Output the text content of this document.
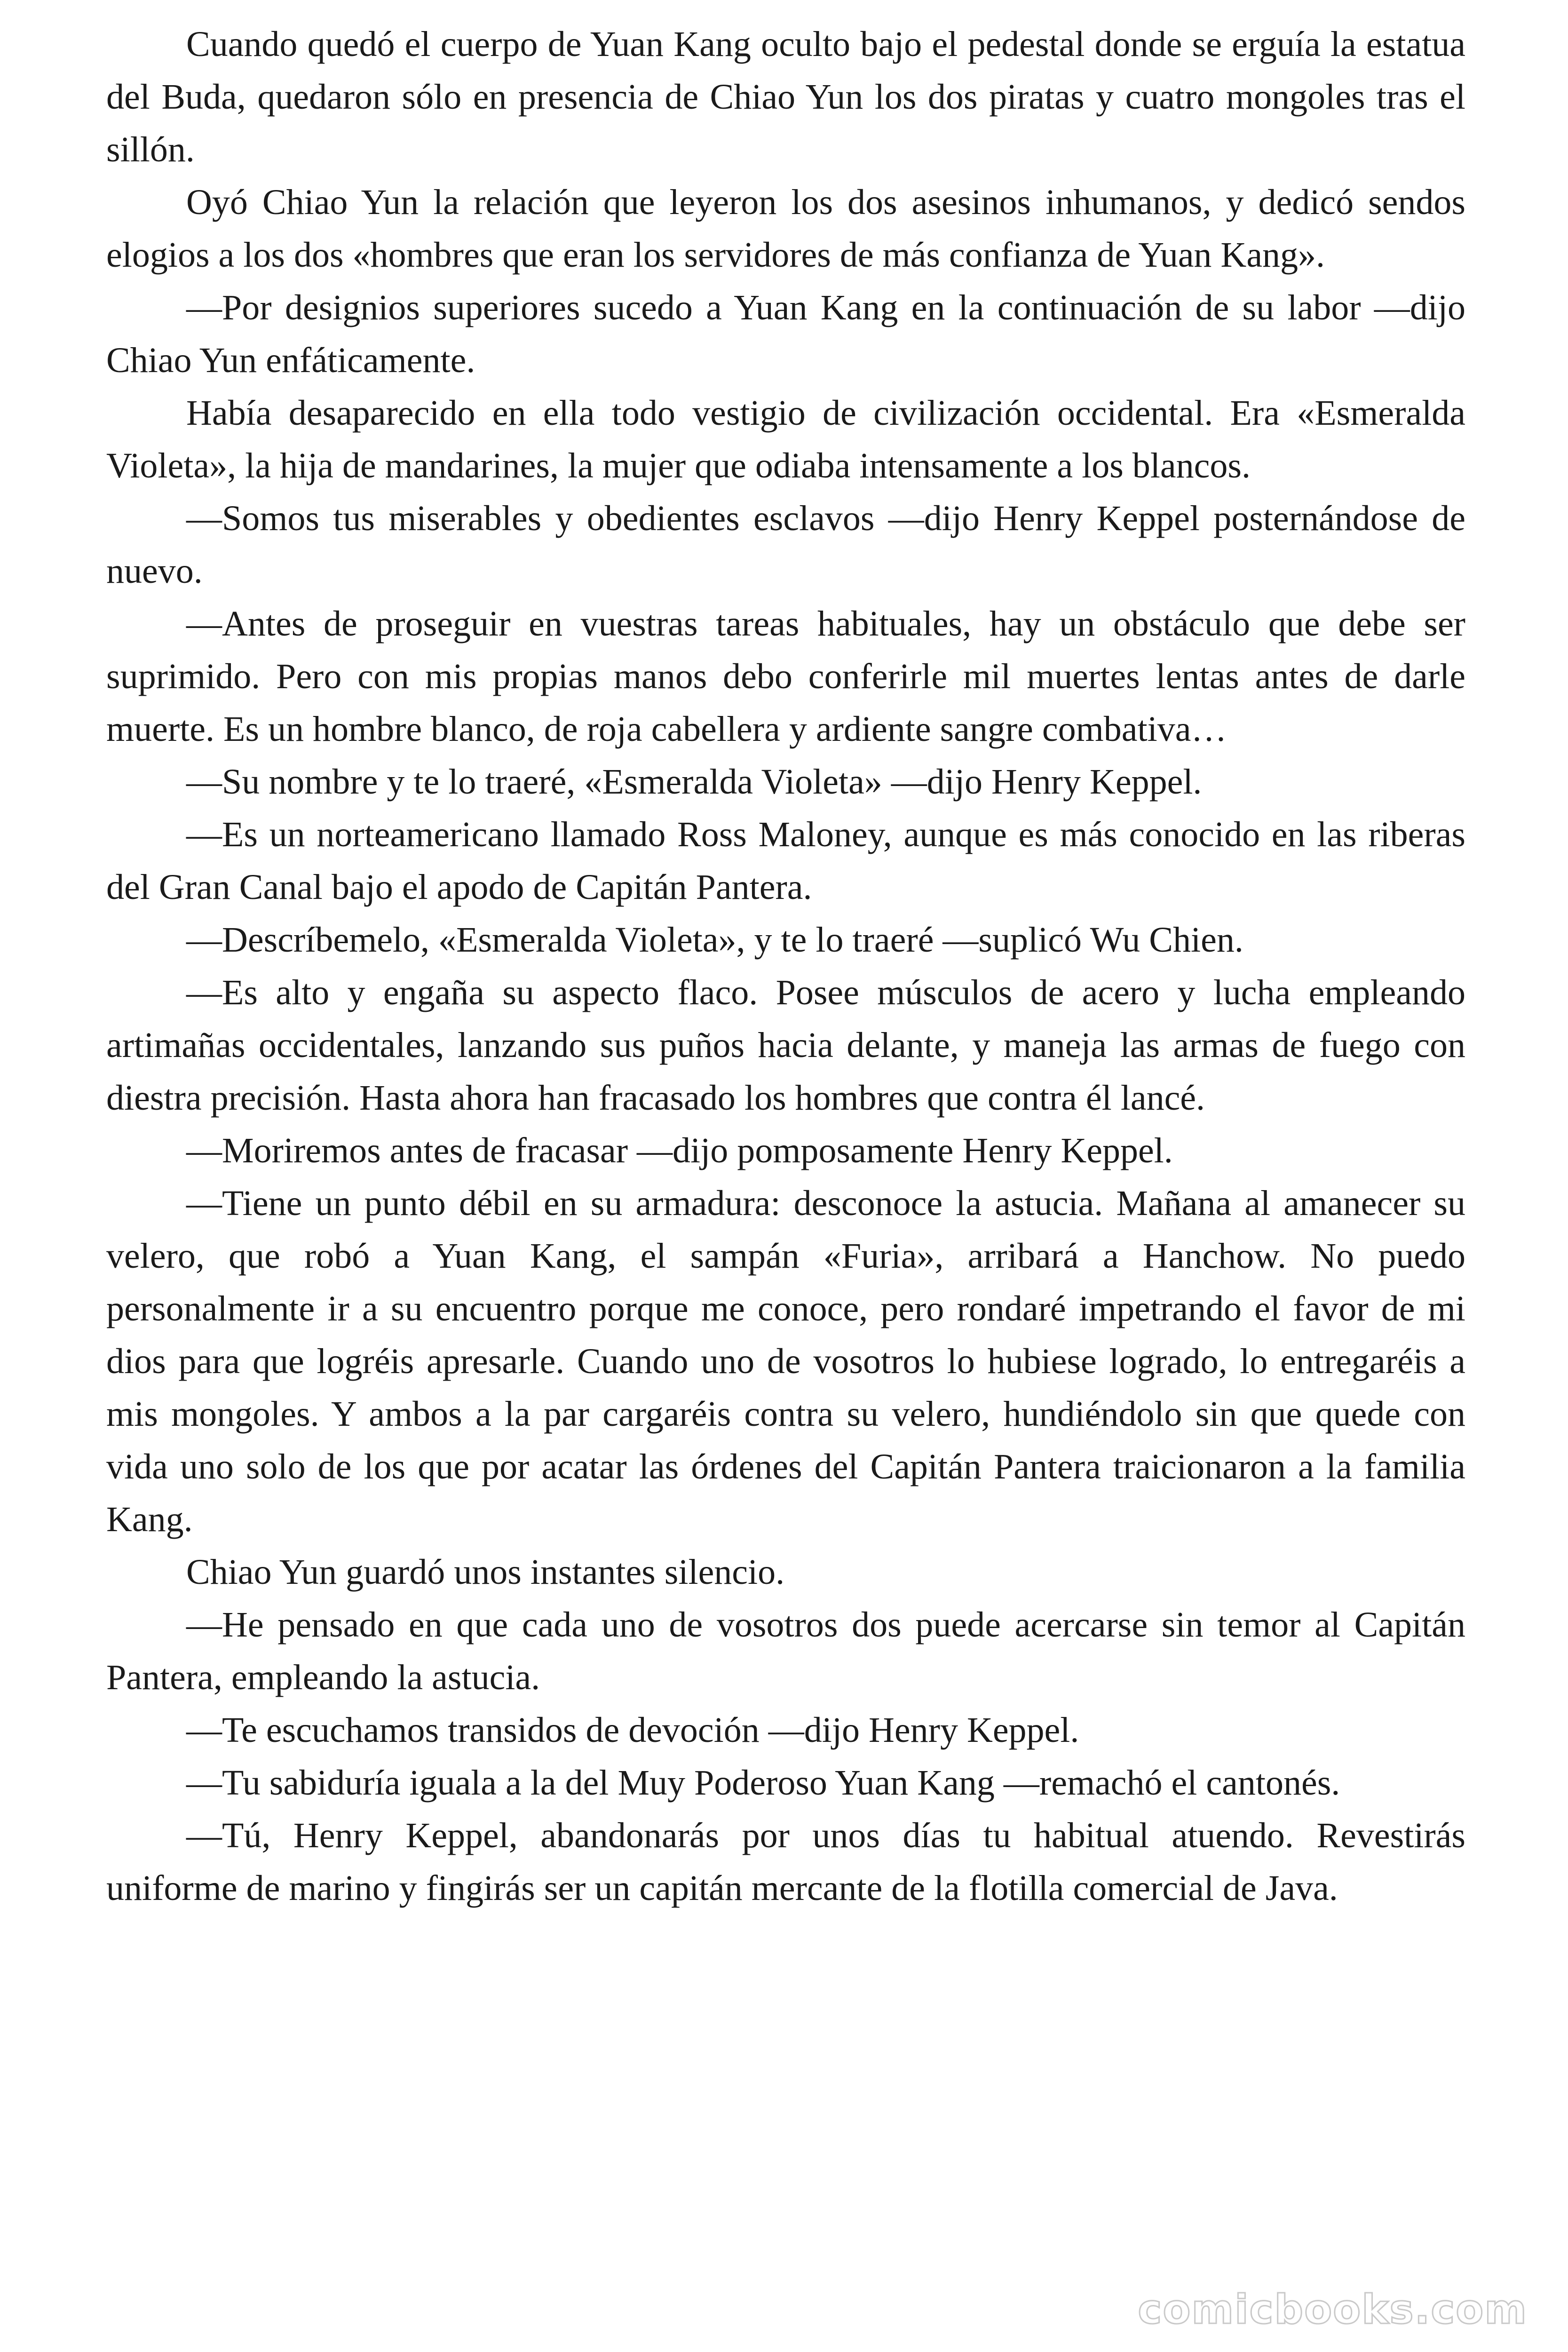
Cuando quedó el cuerpo de Yuan Kang oculto bajo el pedestal donde se erguía la estatua del Buda, quedaron sólo en presencia de Chiao Yun los dos piratas y cuatro mongoles tras el sillón.

Oyó Chiao Yun la relación que leyeron los dos asesinos inhumanos, y dedicó sendos elogios a los dos «hombres que eran los servidores de más confianza de Yuan Kang».

—Por designios superiores sucedo a Yuan Kang en la continuación de su labor —dijo Chiao Yun enfáticamente.

Había desaparecido en ella todo vestigio de civilización occidental. Era «Esmeralda Violeta», la hija de mandarines, la mujer que odiaba intensamente a los blancos.

—Somos tus miserables y obedientes esclavos —dijo Henry Keppel posternándose de nuevo.

—Antes de proseguir en vuestras tareas habituales, hay un obstáculo que debe ser suprimido. Pero con mis propias manos debo conferirle mil muertes lentas antes de darle muerte. Es un hombre blanco, de roja cabellera y ardiente sangre combativa…

—Su nombre y te lo traeré, «Esmeralda Violeta» —dijo Henry Keppel.

—Es un norteamericano llamado Ross Maloney, aunque es más conocido en las riberas del Gran Canal bajo el apodo de Capitán Pantera.

—Descríbemelo, «Esmeralda Violeta», y te lo traeré —suplicó Wu Chien.

—Es alto y engaña su aspecto flaco. Posee músculos de acero y lucha empleando artimañas occidentales, lanzando sus puños hacia delante, y maneja las armas de fuego con diestra precisión. Hasta ahora han fracasado los hombres que contra él lancé.

—Moriremos antes de fracasar —dijo pomposamente Henry Keppel.

—Tiene un punto débil en su armadura: desconoce la astucia. Mañana al amanecer su velero, que robó a Yuan Kang, el sampán «Furia», arribará a Hanchow. No puedo personalmente ir a su encuentro porque me conoce, pero rondaré impetrando el favor de mi dios para que logréis apresarle. Cuando uno de vosotros lo hubiese logrado, lo entregaréis a mis mongoles. Y ambos a la par cargaréis contra su velero, hundiéndolo sin que quede con vida uno solo de los que por acatar las órdenes del Capitán Pantera traicionaron a la familia Kang.

Chiao Yun guardó unos instantes silencio.

—He pensado en que cada uno de vosotros dos puede acercarse sin temor al Capitán Pantera, empleando la astucia.

—Te escuchamos transidos de devoción —dijo Henry Keppel.

—Tu sabiduría iguala a la del Muy Poderoso Yuan Kang —remachó el cantonés.

—Tú, Henry Keppel, abandonarás por unos días tu habitual atuendo. Revestirás uniforme de marino y fingirás ser un capitán mercante de la flotilla comercial de Java.

comicbooks.com
